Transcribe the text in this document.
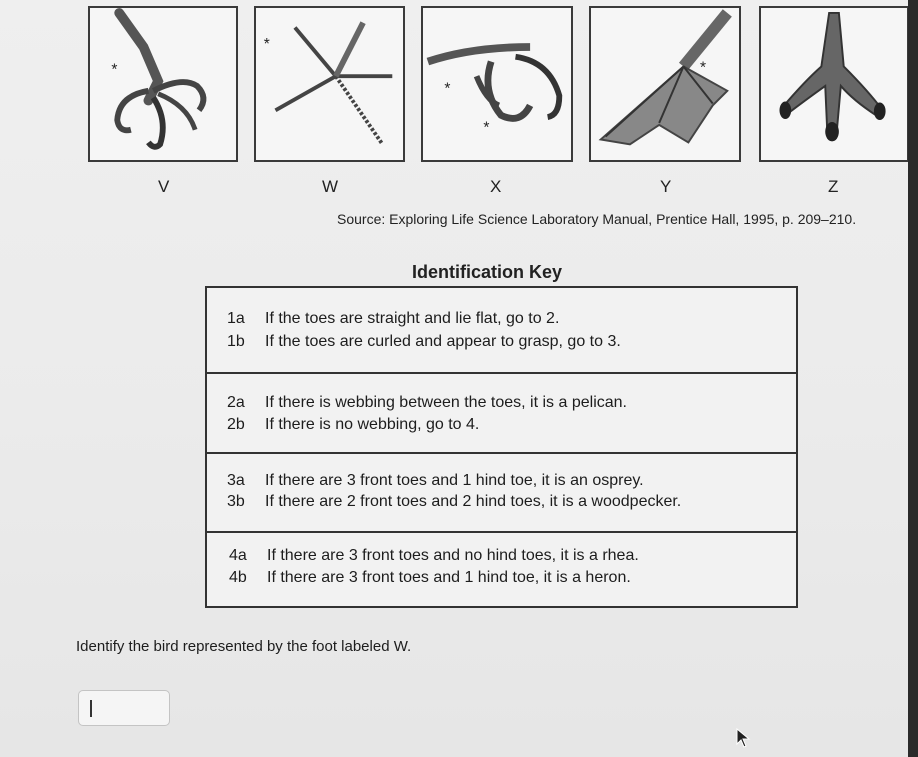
*
*
*
*
*
V	W	X	Y	Z
Source: Exploring Life Science Laboratory Manual, Prentice Hall, 1995, p. 209–210.
Identification Key
1a If the toes are straight and lie flat, go to 2.
1b If the toes are curled and appear to grasp, go to 3.
2a If there is webbing between the toes, it is a pelican.
2b If there is no webbing, go to 4.
3a If there are 3 front toes and 1 hind toe, it is an osprey.
3b If there are 2 front toes and 2 hind toes, it is a woodpecker.
4a If there are 3 front toes and no hind toes, it is a rhea.
4b If there are 3 front toes and 1 hind toe, it is a heron.
Identify the bird represented by the foot labeled W.
